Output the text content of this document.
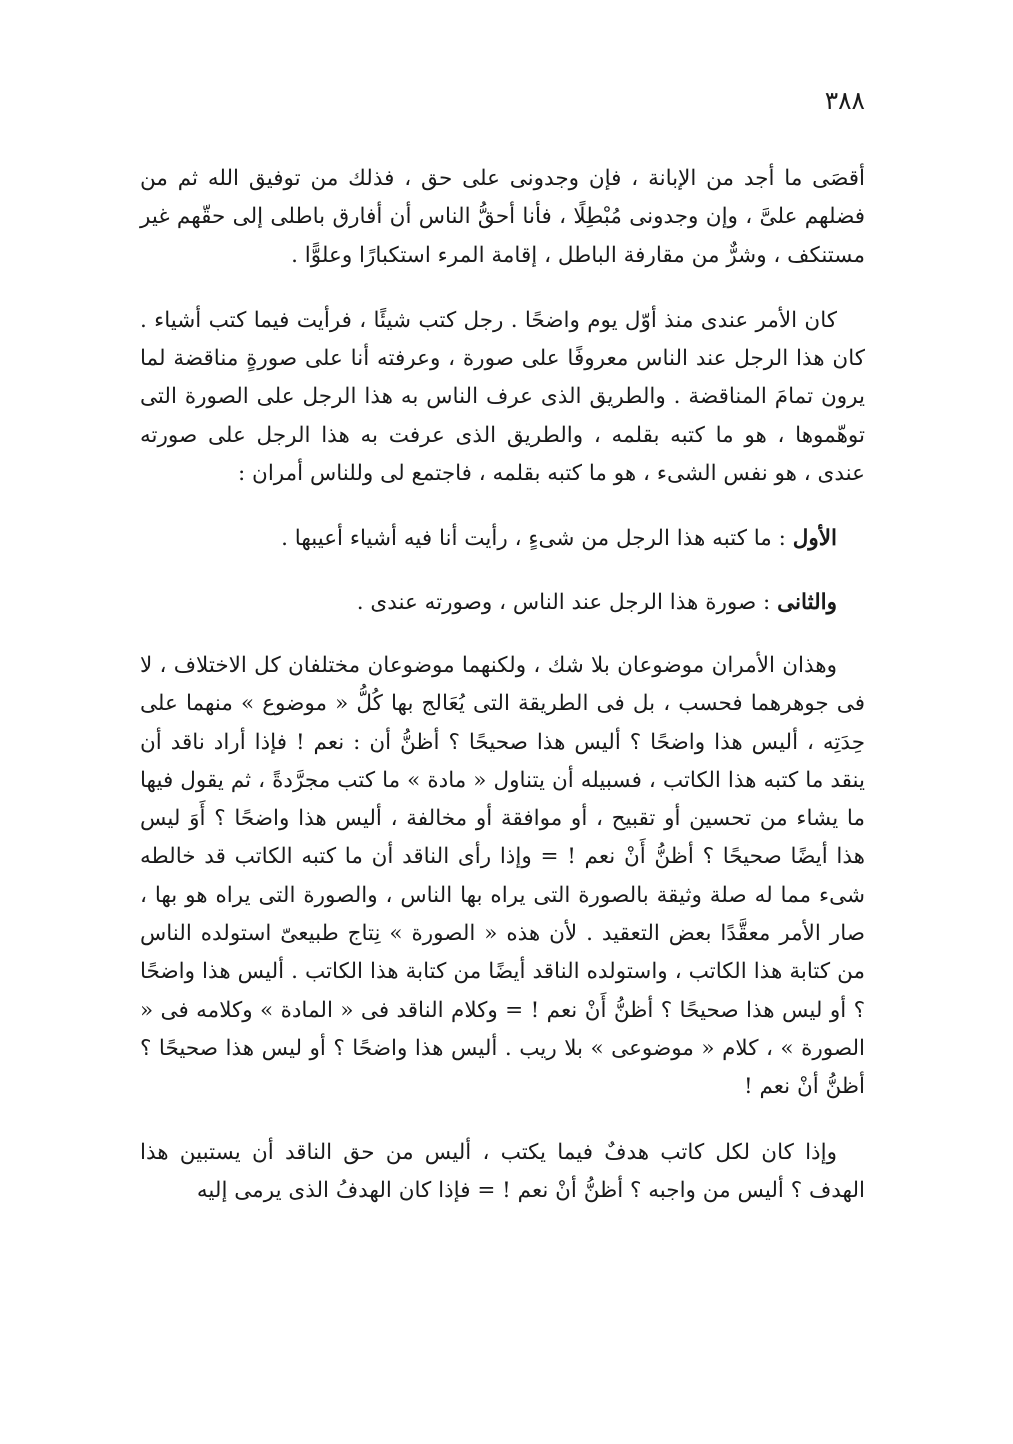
٣٨٨

أقصَى ما أجد من الإبانة ، فإن وجدونى على حق ، فذلك من توفيق الله ثم من فضلهم علىَّ ، وإن وجدونى مُبْطِلًا ، فأنا أحقُّ الناس أن أفارق باطلى إلى حقّهم غير مستنكف ، وشرٌّ من مقارفة الباطل ، إقامة المرء استكبارًا وعلوًّا .

كان الأمر عندى منذ أوّل يوم واضحًا . رجل كتب شيئًا ، فرأيت فيما كتب أشياء . كان هذا الرجل عند الناس معروفًا على صورة ، وعرفته أنا على صورةٍ مناقضة لما يرون تمامَ المناقضة . والطريق الذى عرف الناس به هذا الرجل على الصورة التى توهّموها ، هو ما كتبه بقلمه ، والطريق الذى عرفت به هذا الرجل على صورته عندى ، هو نفس الشىء ، هو ما كتبه بقلمه ، فاجتمع لى وللناس أمران :

الأول : ما كتبه هذا الرجل من شىءٍ ، رأيت أنا فيه أشياء أعيبها .

والثانى : صورة هذا الرجل عند الناس ، وصورته عندى .

وهذان الأمران موضوعان بلا شك ، ولكنهما موضوعان مختلفان كل الاختلاف ، لا فى جوهرهما فحسب ، بل فى الطريقة التى يُعَالج بها كُلُّ « موضوع » منهما على حِدَتِه ، أليس هذا واضحًا ؟ أليس هذا صحيحًا ؟ أظنُّ أن : نعم ! فإذا أراد ناقد أن ينقد ما كتبه هذا الكاتب ، فسبيله أن يتناول « مادة » ما كتب مجرَّدةً ، ثم يقول فيها ما يشاء من تحسين أو تقبيح ، أو موافقة أو مخالفة ، أليس هذا واضحًا ؟ أَوَ ليس هذا أيضًا صحيحًا ؟ أظنُّ أَنْ نعم ! = وإذا رأى الناقد أن ما كتبه الكاتب قد خالطه شىء مما له صلة وثيقة بالصورة التى يراه بها الناس ، والصورة التى يراه هو بها ، صار الأمر معقَّدًا بعض التعقيد . لأن هذه « الصورة » نِتاج طبيعىّ استولده الناس من كتابة هذا الكاتب ، واستولده الناقد أيضًا من كتابة هذا الكاتب . أليس هذا واضحًا ؟ أو ليس هذا صحيحًا ؟ أظنُّ أَنْ نعم ! = وكلام الناقد فى « المادة » وكلامه فى « الصورة » ، كلام « موضوعى » بلا ريب . أليس هذا واضحًا ؟ أو ليس هذا صحيحًا ؟ أظنُّ أنْ نعم !

وإذا كان لكل كاتب هدفٌ فيما يكتب ، أليس من حق الناقد أن يستبين هذا الهدف ؟ أليس من واجبه ؟ أظنُّ أنْ نعم ! = فإذا كان الهدفُ الذى يرمى إليه
